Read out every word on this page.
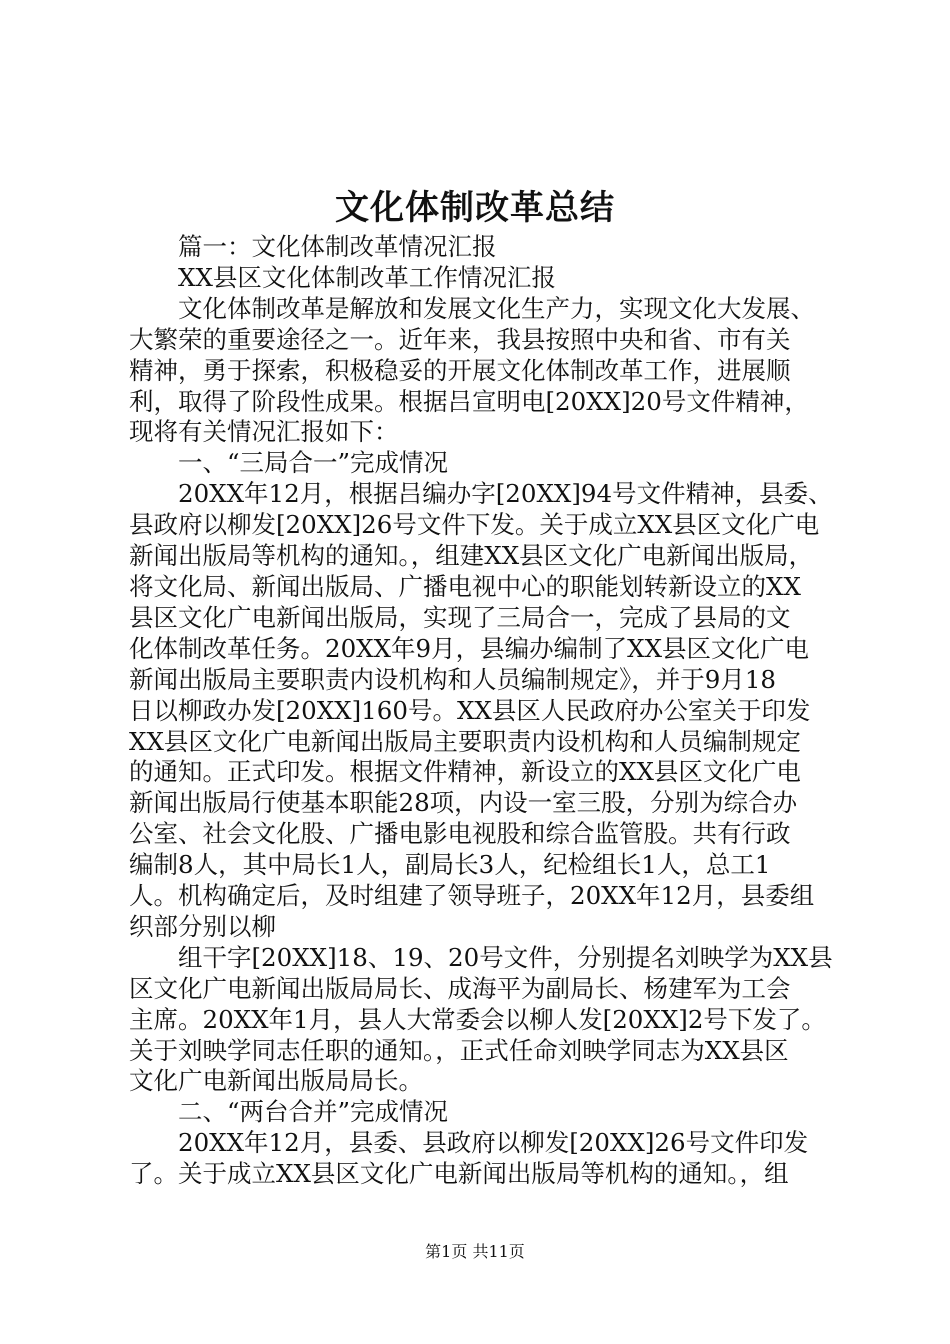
文化体制改革总结

　　篇一：文化体制改革情况汇报

　　XX县区文化体制改革工作情况汇报

　　文化体制改革是解放和发展文化生产力，实现文化大发展、

大繁荣的重要途径之一。近年来，我县按照中央和省、市有关

精神，勇于探索，积极稳妥的开展文化体制改革工作，进展顺

利，取得了阶段性成果。根据吕宣明电[20XX]20号文件精神，

现将有关情况汇报如下：

　　一、“三局合一”完成情况

　　20XX年12月，根据吕编办字[20XX]94号文件精神，县委、

县政府以柳发[20XX]26号文件下发。关于成立XX县区文化广电

新闻出版局等机构的通知。，组建XX县区文化广电新闻出版局，

将文化局、新闻出版局、广播电视中心的职能划转新设立的XX

县区文化广电新闻出版局，实现了三局合一，完成了县局的文

化体制改革任务。20XX年9月，县编办编制了XX县区文化广电

新闻出版局主要职责内设机构和人员编制规定》，并于9月18

日以柳政办发[20XX]160号。XX县区人民政府办公室关于印发

XX县区文化广电新闻出版局主要职责内设机构和人员编制规定

的通知。正式印发。根据文件精神，新设立的XX县区文化广电

新闻出版局行使基本职能28项，内设一室三股，分别为综合办

公室、社会文化股、广播电影电视股和综合监管股。共有行政

编制8人，其中局长1人，副局长3人，纪检组长1人，总工1

人。机构确定后，及时组建了领导班子，20XX年12月，县委组

织部分别以柳

　　组干字[20XX]18、19、20号文件，分别提名刘映学为XX县

区文化广电新闻出版局局长、成海平为副局长、杨建军为工会

主席。20XX年1月，县人大常委会以柳人发[20XX]2号下发了。

关于刘映学同志任职的通知。，正式任命刘映学同志为XX县区

文化广电新闻出版局局长。

　　二、“两台合并”完成情况

　　20XX年12月，县委、县政府以柳发[20XX]26号文件印发

了。关于成立XX县区文化广电新闻出版局等机构的通知。，组

第1页 共11页
